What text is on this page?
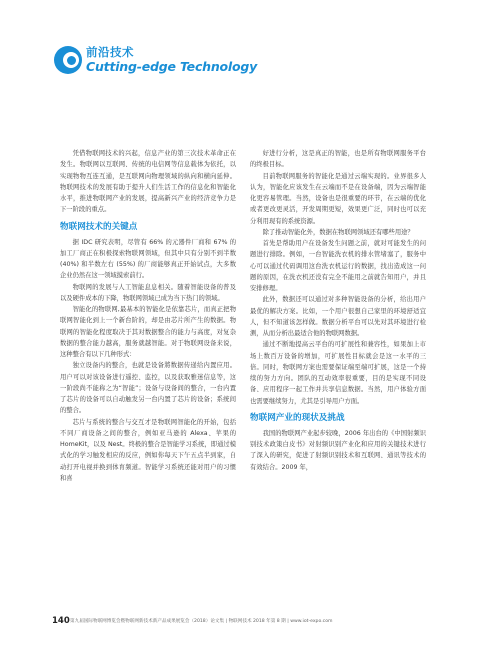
前沿技术
Cutting-edge Technology

凭借物联网技术的兴起，信息产业的第三次技术革命正在发生。物联网以互联网、传统的电信网等信息载体为依托，以实现物物互连互通，是互联网向物理领域的纵向和横向延伸。物联网技术的发展有助于提升人们生活工作的信息化和智能化水平，推进物联网产业的发展，提高新兴产业的经济竞争力是下一阶段的重点。

物联网技术的关键点

据 IDC 研究表明，尽管有 66% 的元器件厂商和 67% 的加工厂商正在积极探索物联网领域，但其中只有分别不到半数 (40%) 和半数左右 (55%) 的厂商能够真正开始试点，大多数企业仍然在这一领域摸索前行。

物联网的发展与人工智能息息相关。随着智能设备的普及以及硬件成本的下降，物联网领域已成为当下热门的领域。

智能化的物联网,最基本的智能化是依靠芯片，而真正把物联网智能化到上一个新台阶的，却是由芯片所产生的数据。物联网的智能化程度取决于其对数据整合的能力与高度，对复杂数据的整合能力越高，服务就越智能。对于物联网设备来说，这种整合有以下几种形式：

独立设备内的整合，也就是设备將数据传递给内置应用。用户可以对该设备进行遥控、监控，以及获取雅迷信息等，这一阶段尚不能称之为“智能”；设备与设备间的整合，一台内置了芯片的设备可以自动触发另一台内置了芯片的设备；系统间的整合。

芯片与系统的整合与交互才是物联网智能化的开始，包括不同厂商设备之间的整合，例如亚马逊的 Alexa、苹果的 HomeKit，以及 Nest。终极的整合是智能学习系统，即通过模式化的学习触发相应的反应，例如你每天下午五点半到家，自动打开电视并换到体育频道。智能学习系统还能对用户的习惯和喜

好进行分析，这是真正的智能，也是所有物联网服务平台的终极目标。

目前物联网服务的智能化是通过云端实现的。业界很多人认为，智能化应该发生在云端而不是在设备端，因为云端智能化更容易管理。当然，设备也是很重要的环节，在云端的优化或者更改更灵活，开发周期更短，效果更广泛，同时也可以充分利用现有的系统资源。

除了推动智能化外，数据在物联网领域还有哪些用途？

首先是帮助用户在设备发生问题之前，就对可能发生的问题进行排除。例如，一台智能洗衣机的排水管堵塞了，服务中心可以通过代码调用这台洗衣机运行的数据，找出造成这一问题的原因，在洗衣机还没有完全不能用之前就告知用户，并且安排修理。

此外，数据还可以通过对多种智能设备的分析，给出用户最优的解决方案。比如，一个用户很想自己家里的环境舒适宜人，但不知道该怎样做。数据分析平台可以先对其环境进行检测，从而分析出最适合他的物联网数据。

通过不断地提高云平台的可扩展性和兼容性，如果加上市场上数百万设备的增加，可扩展性目标就会是这一水平的三倍。同时，物联网方案也需要保证端至端可扩展，这是一个持续的努力方向。团队的互动效率很重要，目的是实现不同设备、应用程序一起工作并共享信息数据。当然，用户体验方面也需要继续努力，尤其是引导用户方面。

物联网产业的现状及挑战

我国的物联网产业起步较晚，2006 年出台的《中国射频识别技术政策白皮书》对射频识别产业化和应用的关键技术进行了深入的研究，促进了射频识别技术和互联网、通讯等技术的有效结合。2009 年，

140 第九届国际物联网博览会暨物联网新技术新产品成果展览会（2018）论文集 | 物联网技术 2018 年第 8 期 | www.iot-expo.com
